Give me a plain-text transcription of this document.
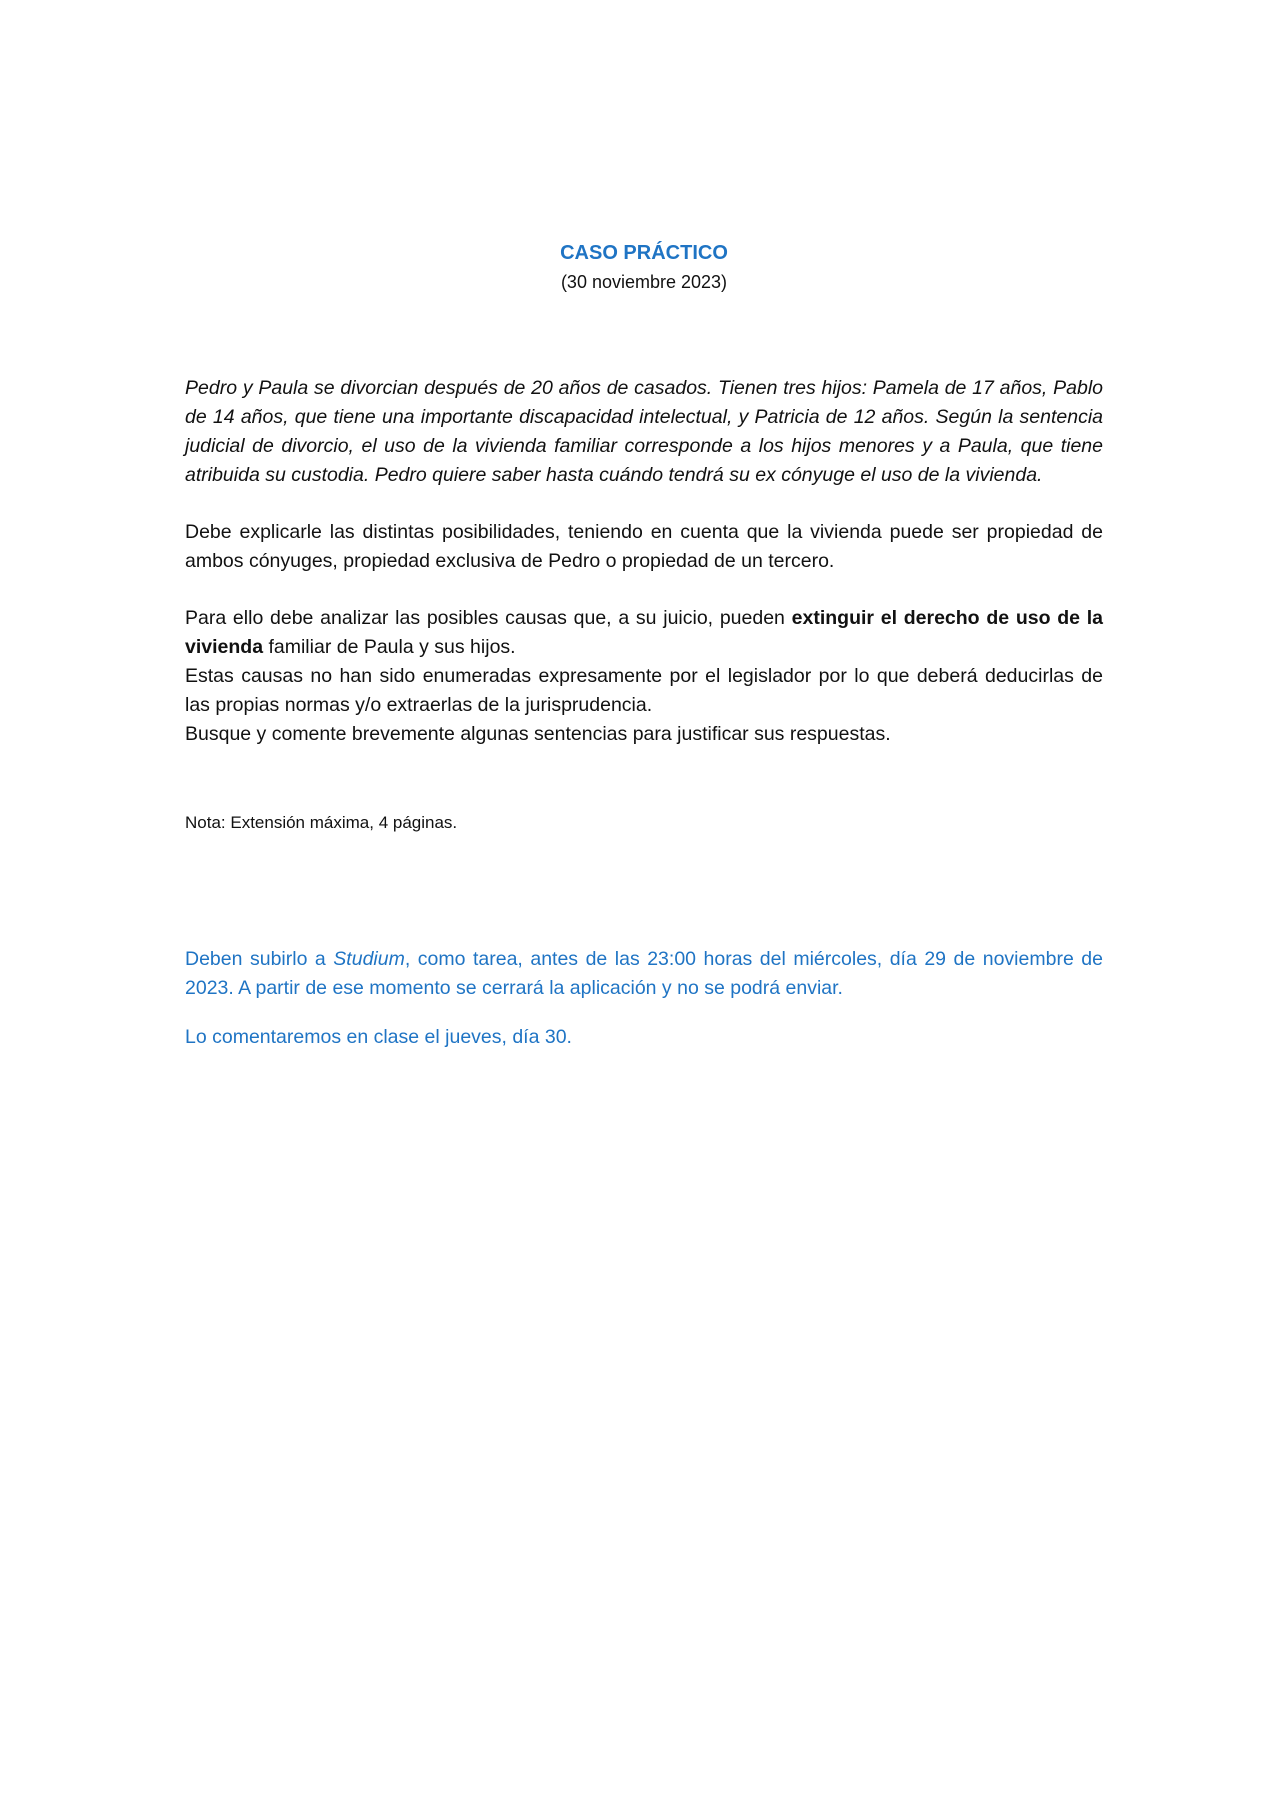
CASO PRÁCTICO
(30 noviembre 2023)

Pedro y Paula se divorcian después de 20 años de casados. Tienen tres hijos: Pamela de 17 años, Pablo de 14 años, que tiene una importante discapacidad intelectual, y Patricia de 12 años. Según la sentencia judicial de divorcio, el uso de la vivienda familiar corresponde a los hijos menores y a Paula, que tiene atribuida su custodia. Pedro quiere saber hasta cuándo tendrá su ex cónyuge el uso de la vivienda.

Debe explicarle las distintas posibilidades, teniendo en cuenta que la vivienda puede ser propiedad de ambos cónyuges, propiedad exclusiva de Pedro o propiedad de un tercero.

Para ello debe analizar las posibles causas que, a su juicio, pueden extinguir el derecho de uso de la vivienda familiar de Paula y sus hijos.
Estas causas no han sido enumeradas expresamente por el legislador por lo que deberá deducirlas de las propias normas y/o extraerlas de la jurisprudencia.
Busque y comente brevemente algunas sentencias para justificar sus respuestas.
Nota: Extensión máxima, 4 páginas.

Deben subirlo a Studium, como tarea, antes de las 23:00 horas del miércoles, día 29 de noviembre de 2023. A partir de ese momento se cerrará la aplicación y no se podrá enviar.

Lo comentaremos en clase el jueves, día 30.
